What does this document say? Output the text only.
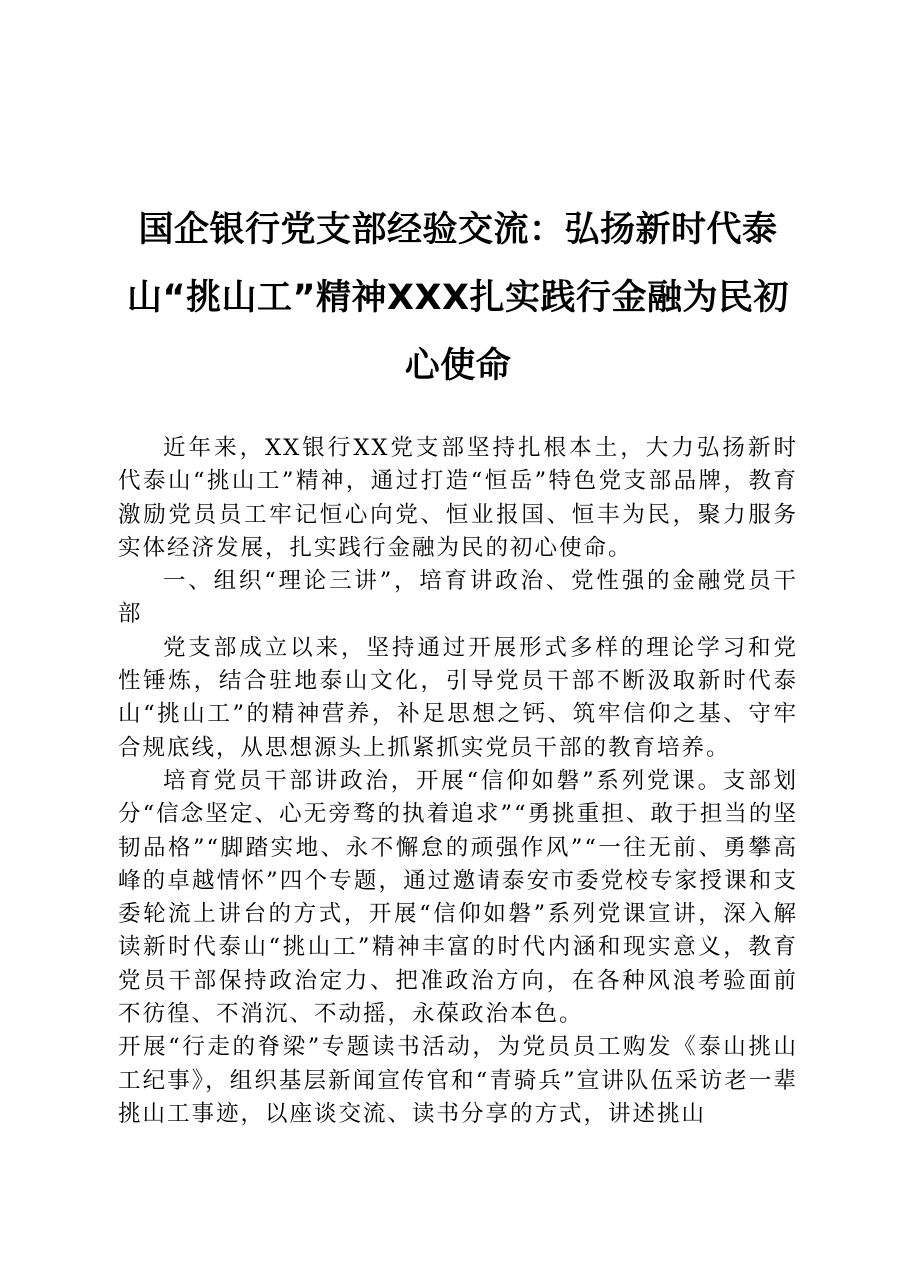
国企银行党支部经验交流：弘扬新时代泰山“挑山工”精神XXX扎实践行金融为民初心使命

近年来，XX银行XX党支部坚持扎根本土，大力弘扬新时代泰山“挑山工”精神，通过打造“恒岳”特色党支部品牌，教育激励党员员工牢记恒心向党、恒业报国、恒丰为民，聚力服务实体经济发展，扎实践行金融为民的初心使命。

一、组织“理论三讲”，培育讲政治、党性强的金融党员干部

党支部成立以来，坚持通过开展形式多样的理论学习和党性锤炼，结合驻地泰山文化，引导党员干部不断汲取新时代泰山“挑山工”的精神营养，补足思想之钙、筑牢信仰之基、守牢合规底线，从思想源头上抓紧抓实党员干部的教育培养。

培育党员干部讲政治，开展“信仰如磐”系列党课。支部划分“信念坚定、心无旁骛的执着追求”“勇挑重担、敢于担当的坚韧品格”“脚踏实地、永不懈怠的顽强作风”“一往无前、勇攀高峰的卓越情怀”四个专题，通过邀请泰安市委党校专家授课和支委轮流上讲台的方式，开展“信仰如磐”系列党课宣讲，深入解读新时代泰山“挑山工”精神丰富的时代内涵和现实意义，教育党员干部保持政治定力、把准政治方向，在各种风浪考验面前不彷徨、不消沉、不动摇，永葆政治本色。

开展“行走的脊梁”专题读书活动，为党员员工购发《泰山挑山工纪事》，组织基层新闻宣传官和“青骑兵”宣讲队伍采访老一辈挑山工事迹，以座谈交流、读书分享的方式，讲述挑山
